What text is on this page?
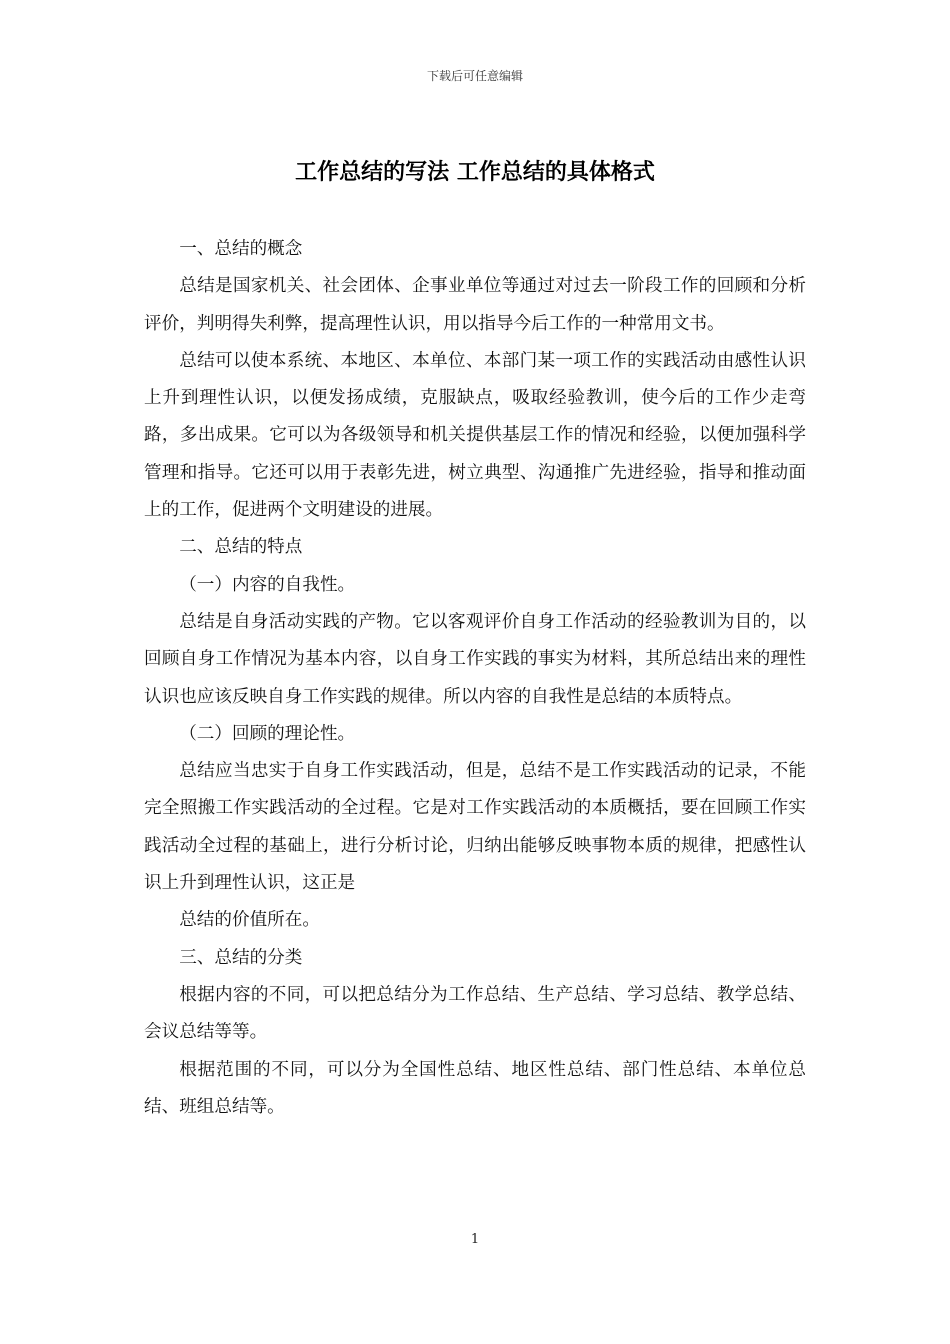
下载后可任意编辑
工作总结的写法 工作总结的具体格式

一、总结的概念

总结是国家机关、社会团体、企事业单位等通过对过去一阶段工作的回顾和分析评价，判明得失利弊，提高理性认识，用以指导今后工作的一种常用文书。

总结可以使本系统、本地区、本单位、本部门某一项工作的实践活动由感性认识上升到理性认识，以便发扬成绩，克服缺点，吸取经验教训，使今后的工作少走弯路，多出成果。它可以为各级领导和机关提供基层工作的情况和经验，以便加强科学管理和指导。它还可以用于表彰先进，树立典型、沟通推广先进经验，指导和推动面上的工作，促进两个文明建设的进展。

二、总结的特点

（一）内容的自我性。

总结是自身活动实践的产物。它以客观评价自身工作活动的经验教训为目的，以回顾自身工作情况为基本内容，以自身工作实践的事实为材料，其所总结出来的理性认识也应该反映自身工作实践的规律。所以内容的自我性是总结的本质特点。

（二）回顾的理论性。

总结应当忠实于自身工作实践活动，但是，总结不是工作实践活动的记录，不能完全照搬工作实践活动的全过程。它是对工作实践活动的本质概括，要在回顾工作实践活动全过程的基础上，进行分析讨论，归纳出能够反映事物本质的规律，把感性认识上升到理性认识，这正是

总结的价值所在。

三、总结的分类

根据内容的不同，可以把总结分为工作总结、生产总结、学习总结、教学总结、会议总结等等。

根据范围的不同，可以分为全国性总结、地区性总结、部门性总结、本单位总结、班组总结等。

1
